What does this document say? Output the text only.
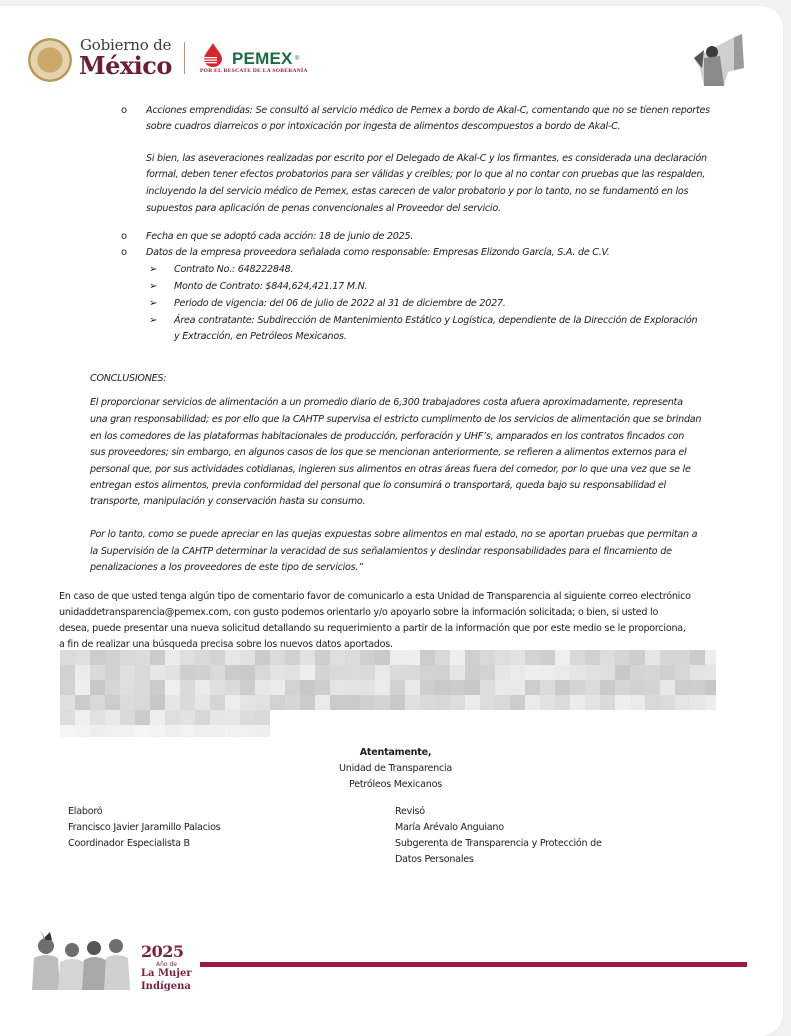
Gobierno de
México	PEMEX ®
POR EL RESCATE DE LA SOBERANÍA
o Acciones emprendidas: Se consultó al servicio médico de Pemex a bordo de Akal-C, comentando que no se tienen reportes
sobre cuadros diarreicos o por intoxicación por ingesta de alimentos descompuestos a bordo de Akal-C.
Si bien, las aseveraciones realizadas por escrito por el Delegado de Akal-C y los firmantes, es considerada una declaración
formal, deben tener efectos probatorios para ser válidas y creíbles; por lo que al no contar con pruebas que las respalden,
incluyendo la del servicio médico de Pemex, estas carecen de valor probatorio y por lo tanto, no se fundamentó en los
supuestos para aplicación de penas convencionales al Proveedor del servicio.
o Fecha en que se adoptó cada acción: 18 de junio de 2025.
o Datos de la empresa proveedora señalada como responsable: Empresas Elizondo García, S.A. de C.V.
➢ Contrato No.: 648222848.
➢ Monto de Contrato: $844,624,421.17 M.N.
➢ Periodo de vigencia: del 06 de julio de 2022 al 31 de diciembre de 2027.
➢ Área contratante: Subdirección de Mantenimiento Estático y Logística, dependiente de la Dirección de Exploración
y Extracción, en Petróleos Mexicanos.
CONCLUSIONES:
El proporcionar servicios de alimentación a un promedio diario de 6,300 trabajadores costa afuera aproximadamente, representa
una gran responsabilidad; es por ello que la CAHTP supervisa el estricto cumplimento de los servicios de alimentación que se brindan
en los comedores de las plataformas habitacionales de producción, perforación y UHF’s, amparados en los contratos fincados con
sus proveedores; sin embargo, en algunos casos de los que se mencionan anteriormente, se refieren a alimentos externos para el
personal que, por sus actividades cotidianas, ingieren sus alimentos en otras áreas fuera del comedor, por lo que una vez que se le
entregan estos alimentos, previa conformidad del personal que lo consumirá o transportará, queda bajo su responsabilidad el
transporte, manipulación y conservación hasta su consumo.
Por lo tanto, como se puede apreciar en las quejas expuestas sobre alimentos en mal estado, no se aportan pruebas que permitan a
la Supervisión de la CAHTP determinar la veracidad de sus señalamientos y deslindar responsabilidades para el fincamiento de
penalizaciones a los proveedores de este tipo de servicios.”
En caso de que usted tenga algún tipo de comentario favor de comunicarlo a esta Unidad de Transparencia al siguiente correo electrónico
unidaddetransparencia@pemex.com, con gusto podemos orientarlo y/o apoyarlo sobre la información solicitada; o bien, si usted lo
desea, puede presentar una nueva solicitud detallando su requerimiento a partir de la información que por este medio se le proporciona,
a fin de realizar una búsqueda precisa sobre los nuevos datos aportados.
Atentamente,
Unidad de Transparencia
Petróleos Mexicanos
Elaboró
Francisco Javier Jaramillo Palacios
Coordinador Especialista B
Revisó
María Arévalo Anguiano
Subgerenta de Transparencia y Protección de
Datos Personales
2025
Año de
La Mujer
Indígena
